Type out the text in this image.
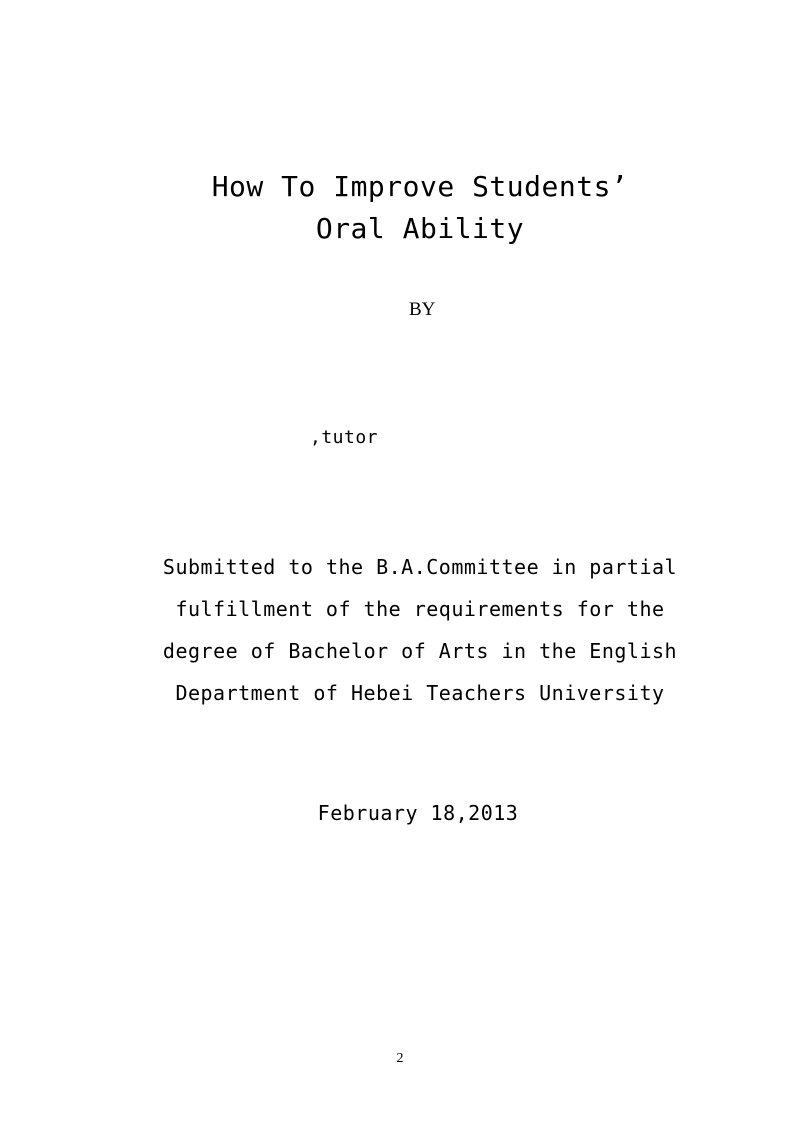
How To Improve Students’
Oral Ability
BY
,tutor
Submitted to the B.A.Committee in partial
fulfillment of the requirements for the
degree of Bachelor of Arts in the English
Department of Hebei Teachers University
February 18,2013
2
